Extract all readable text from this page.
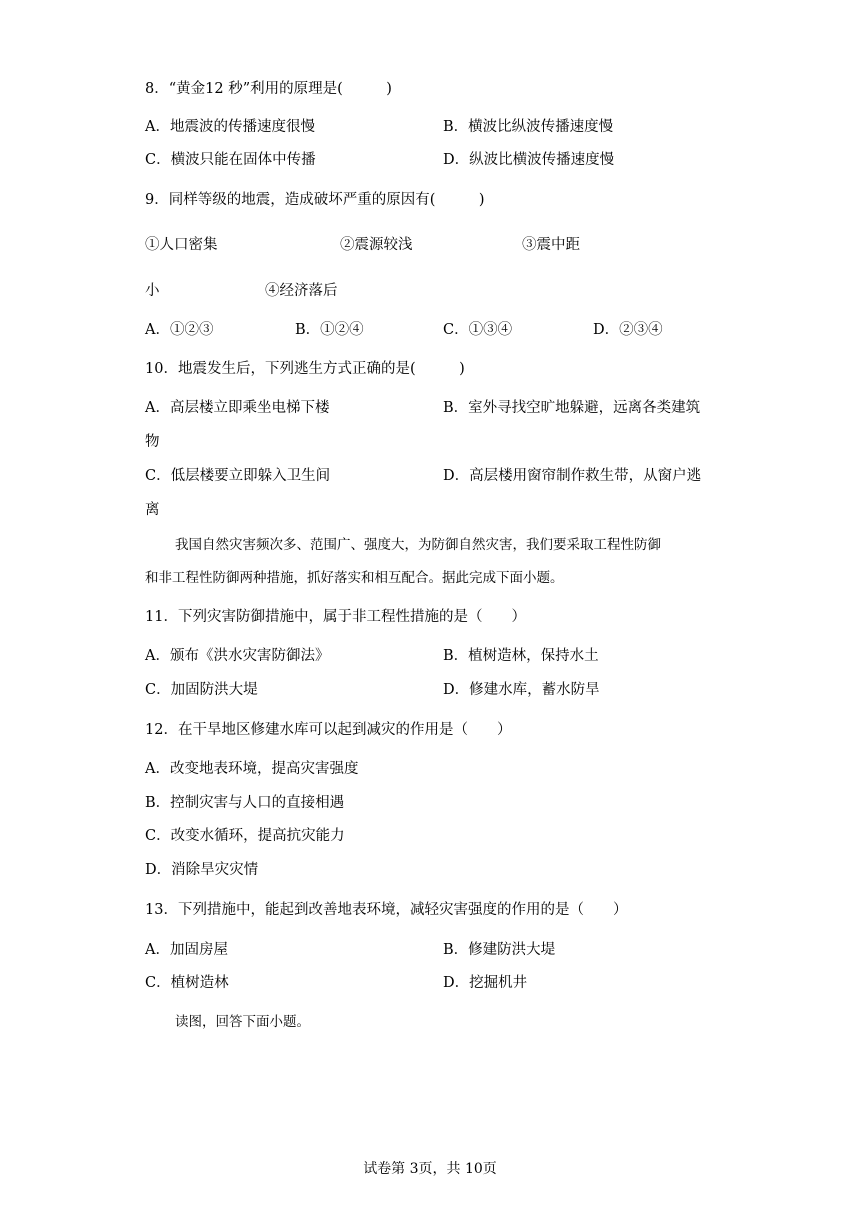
8．“黄金12 秒”利用的原理是(　　　)
A．地震波的传播速度很慢	B．横波比纵波传播速度慢
C．横波只能在固体中传播	D．纵波比横波传播速度慢
9．同样等级的地震，造成破坏严重的原因有(　　　)
①人口密集	②震源较浅	③震中距
小	④经济落后
A．①②③	B．①②④	C．①③④	D．②③④
10．地震发生后，下列逃生方式正确的是(　　　)
A．高层楼立即乘坐电梯下楼	B．室外寻找空旷地躲避，远离各类建筑
物
C．低层楼要立即躲入卫生间	D．高层楼用窗帘制作救生带，从窗户逃
离
我国自然灾害频次多、范围广、强度大，为防御自然灾害，我们要采取工程性防御
和非工程性防御两种措施，抓好落实和相互配合。据此完成下面小题。
11．下列灾害防御措施中，属于非工程性措施的是（　　）
A．颁布《洪水灾害防御法》	B．植树造林，保持水土
C．加固防洪大堤	D．修建水库，蓄水防旱
12．在干旱地区修建水库可以起到减灾的作用是（　　）
A．改变地表环境，提高灾害强度
B．控制灾害与人口的直接相遇
C．改变水循环，提高抗灾能力
D．消除旱灾灾情
13．下列措施中，能起到改善地表环境，减轻灾害强度的作用的是（　　）
A．加固房屋	B．修建防洪大堤
C．植树造林	D．挖掘机井
读图，回答下面小题。
试卷第 3页，共 10页
